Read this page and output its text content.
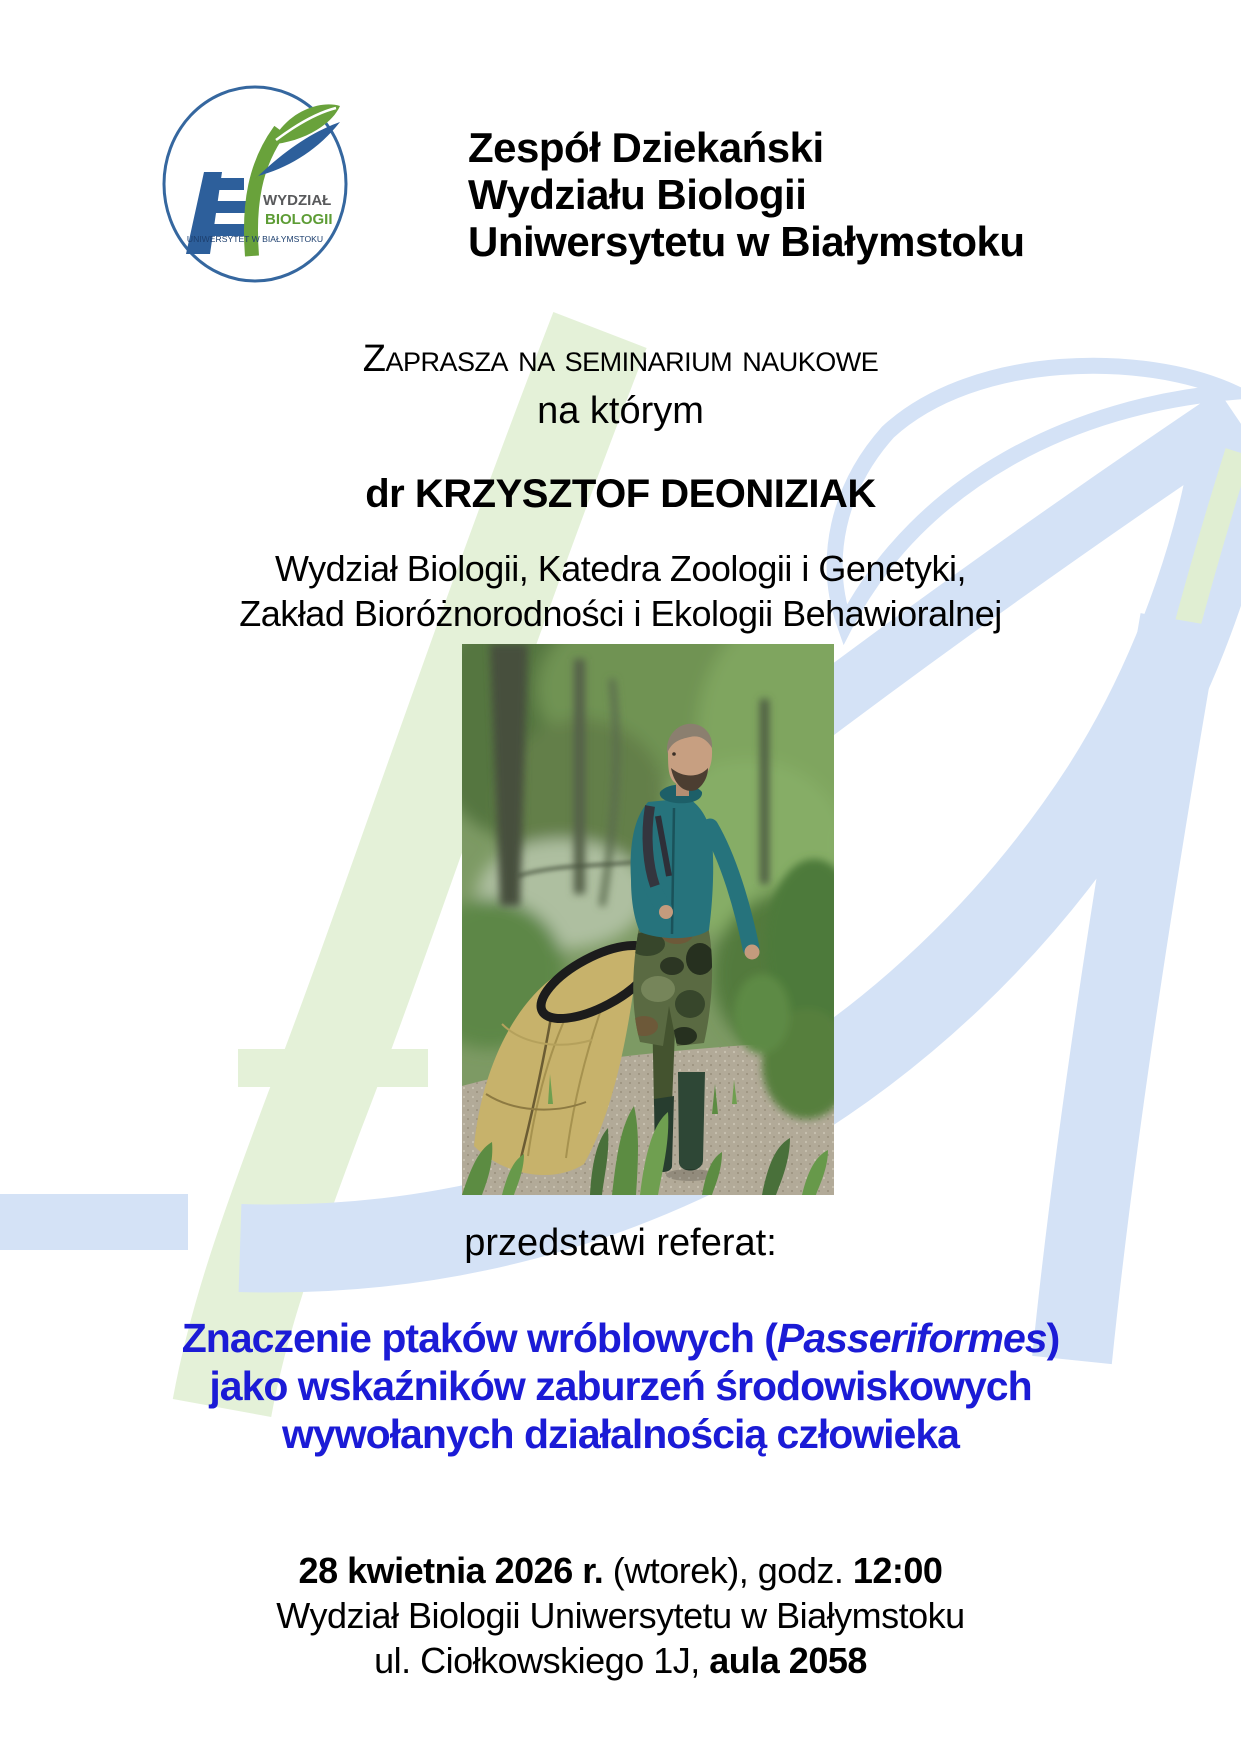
WYDZIAŁ
BIOLOGII
UNIWERSYTET W BIAŁYMSTOKU
Zespół Dziekański
Wydziału Biologii
Uniwersytetu w Białymstoku
Zaprasza na seminarium naukowe
na którym
dr KRZYSZTOF DEONIZIAK
Wydział Biologii, Katedra Zoologii i Genetyki,
Zakład Bioróżnorodności i Ekologii Behawioralnej
przedstawi referat:
Znaczenie ptaków wróblowych (Passeriformes)
jako wskaźników zaburzeń środowiskowych
wywołanych działalnością człowieka
28 kwietnia 2026 r. (wtorek), godz. 12:00
Wydział Biologii Uniwersytetu w Białymstoku
ul. Ciołkowskiego 1J, aula 2058
